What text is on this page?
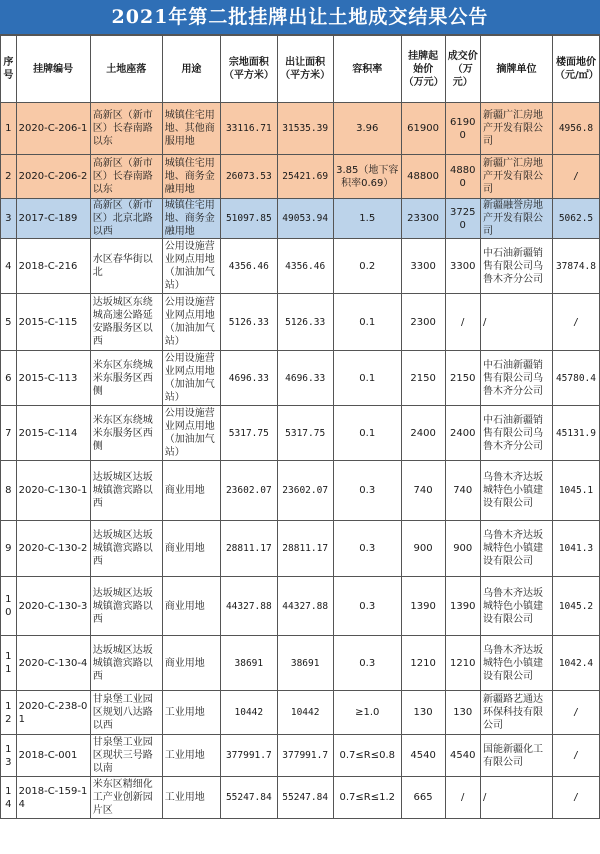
2021年第二批挂牌出让土地成交结果公告
序号	挂牌编号	土地座落	用途	宗地面积（平方米）	出让面积（平方米）	容积率	挂牌起始价（万元）	成交价（万元）	摘牌单位	楼面地价（元/㎡）
1	2020-C-206-1	高新区（新市区）长春南路以东	城镇住宅用地、其他商服用地	33116.71	31535.39	3.96	61900	61900	新疆广汇房地产开发有限公司	4956.8
2	2020-C-206-2	高新区（新市区）长春南路以东	城镇住宅用地、商务金融用地	26073.53	25421.69	3.85（地下容积率0.69）	48800	48800	新疆广汇房地产开发有限公司	/
3	2017-C-189	高新区（新市区）北京北路以西	城镇住宅用地、商务金融用地	51097.85	49053.94	1.5	23300	37250	新疆融誉房地产开发有限公司	5062.5
4	2018-C-216	水区春华街以北	公用设施营业网点用地（加油加气站）	4356.46	4356.46	0.2	3300	3300	中石油新疆销售有限公司乌鲁木齐分公司	37874.8
5	2015-C-115	达坂城区东绕城高速公路延安路服务区以西	公用设施营业网点用地（加油加气站）	5126.33	5126.33	0.1	2300	/	/	/
6	2015-C-113	米东区东绕城米东服务区西侧	公用设施营业网点用地（加油加气站）	4696.33	4696.33	0.1	2150	2150	中石油新疆销售有限公司乌鲁木齐分公司	45780.4
7	2015-C-114	米东区东绕城米东服务区西侧	公用设施营业网点用地（加油加气站）	5317.75	5317.75	0.1	2400	2400	中石油新疆销售有限公司乌鲁木齐分公司	45131.9
8	2020-C-130-1	达坂城区达坂城镇澹宾路以西	商业用地	23602.07	23602.07	0.3	740	740	乌鲁木齐达坂城特色小镇建设有限公司	1045.1
9	2020-C-130-2	达坂城区达坂城镇澹宾路以西	商业用地	28811.17	28811.17	0.3	900	900	乌鲁木齐达坂城特色小镇建设有限公司	1041.3
10	2020-C-130-3	达坂城区达坂城镇澹宾路以西	商业用地	44327.88	44327.88	0.3	1390	1390	乌鲁木齐达坂城特色小镇建设有限公司	1045.2
11	2020-C-130-4	达坂城区达坂城镇澹宾路以西	商业用地	38691	38691	0.3	1210	1210	乌鲁木齐达坂城特色小镇建设有限公司	1042.4
12	2020-C-238-01	甘泉堡工业园区规划八达路以西	工业用地	10442	10442	≥1.0	130	130	新疆路艺通达环保科技有限公司	/
13	2018-C-001	甘泉堡工业园区现状三号路以南	工业用地	377991.7	377991.7	0.7≤R≤0.8	4540	4540	国能新疆化工有限公司	/
14	2018-C-159-14	米东区精细化工产业创新园片区	工业用地	55247.84	55247.84	0.7≤R≤1.2	665	/	/	/
